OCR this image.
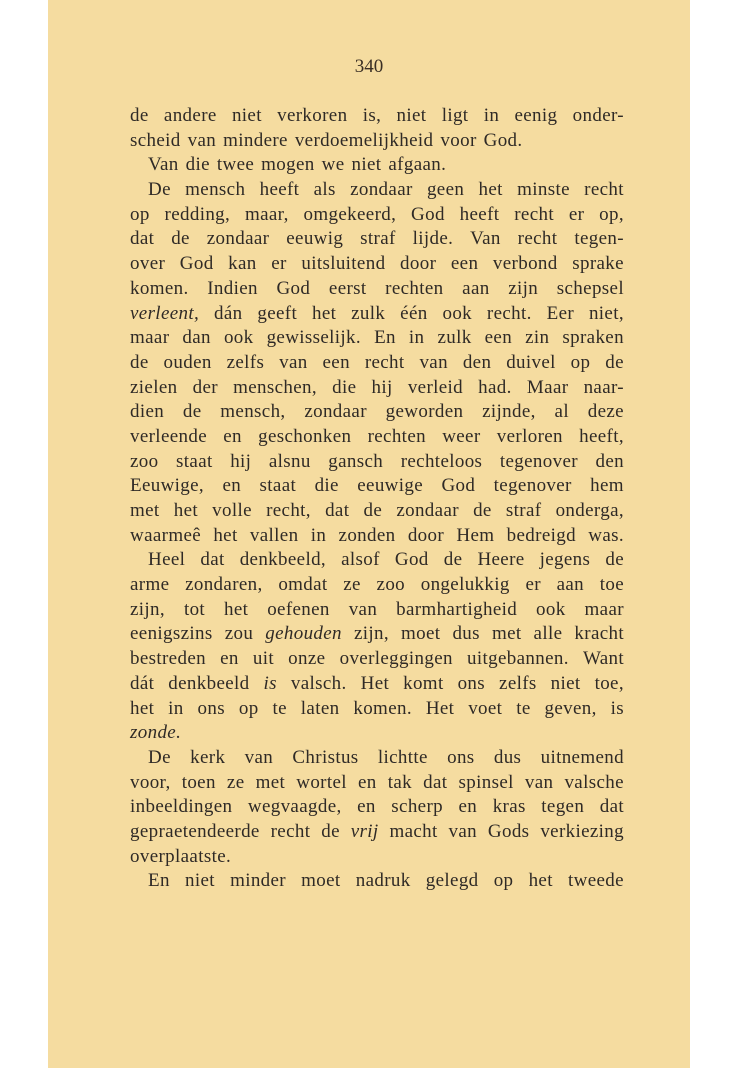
340
de andere niet verkoren is, niet ligt in eenig onder-
scheid van mindere verdoemelijkheid voor God.
Van die twee mogen we niet afgaan.
De mensch heeft als zondaar geen het minste recht
op redding, maar, omgekeerd, God heeft recht er op,
dat de zondaar eeuwig straf lijde. Van recht tegen-
over God kan er uitsluitend door een verbond sprake
komen. Indien God eerst rechten aan zijn schepsel
verleent, dán geeft het zulk één ook recht. Eer niet,
maar dan ook gewisselijk. En in zulk een zin spraken
de ouden zelfs van een recht van den duivel op de
zielen der menschen, die hij verleid had. Maar naar-
dien de mensch, zondaar geworden zijnde, al deze
verleende en geschonken rechten weer verloren heeft,
zoo staat hij alsnu gansch rechteloos tegenover den
Eeuwige, en staat die eeuwige God tegenover hem
met het volle recht, dat de zondaar de straf onderga,
waarmeê het vallen in zonden door Hem bedreigd was.
Heel dat denkbeeld, alsof God de Heere jegens de
arme zondaren, omdat ze zoo ongelukkig er aan toe
zijn, tot het oefenen van barmhartigheid ook maar
eenigszins zou gehouden zijn, moet dus met alle kracht
bestreden en uit onze overleggingen uitgebannen. Want
dát denkbeeld is valsch. Het komt ons zelfs niet toe,
het in ons op te laten komen. Het voet te geven, is
zonde.
De kerk van Christus lichtte ons dus uitnemend
voor, toen ze met wortel en tak dat spinsel van valsche
inbeeldingen wegvaagde, en scherp en kras tegen dat
gepraetendeerde recht de vrij macht van Gods verkiezing
overplaatste.
En niet minder moet nadruk gelegd op het tweede
